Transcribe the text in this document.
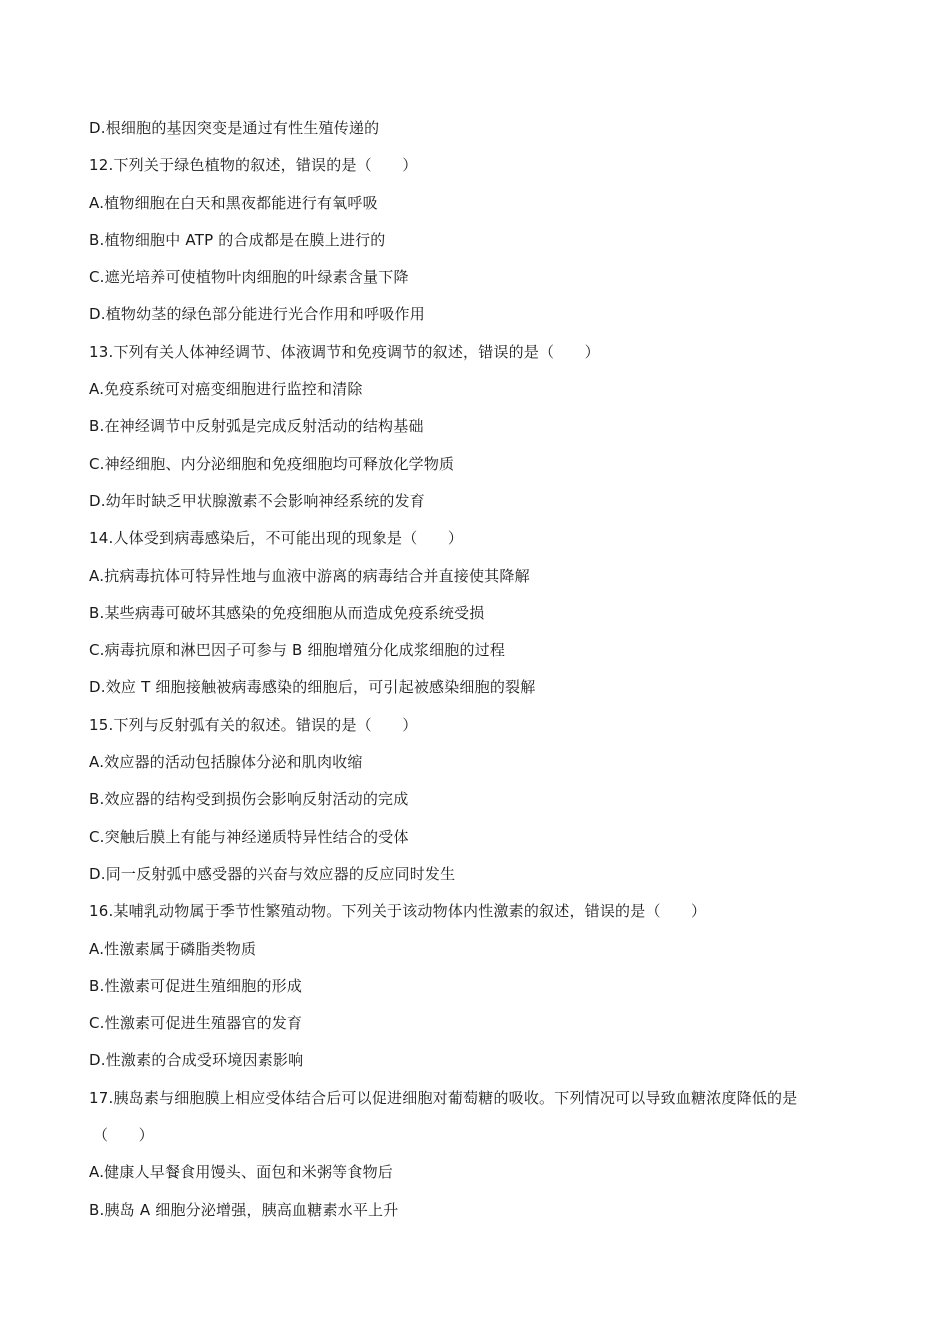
D.根细胞的基因突变是通过有性生殖传递的
12.下列关于绿色植物的叙述，错误的是（　　）
A.植物细胞在白天和黑夜都能进行有氧呼吸
B.植物细胞中 ATP 的合成都是在膜上进行的
C.遮光培养可使植物叶肉细胞的叶绿素含量下降
D.植物幼茎的绿色部分能进行光合作用和呼吸作用
13.下列有关人体神经调节、体液调节和免疫调节的叙述，错误的是（　　）
A.免疫系统可对癌变细胞进行监控和清除
B.在神经调节中反射弧是完成反射活动的结构基础
C.神经细胞、内分泌细胞和免疫细胞均可释放化学物质
D.幼年时缺乏甲状腺激素不会影响神经系统的发育
14.人体受到病毒感染后，不可能出现的现象是（　　）
A.抗病毒抗体可特异性地与血液中游离的病毒结合并直接使其降解
B.某些病毒可破坏其感染的免疫细胞从而造成免疫系统受损
C.病毒抗原和淋巴因子可参与 B 细胞增殖分化成浆细胞的过程
D.效应 T 细胞接触被病毒感染的细胞后，可引起被感染细胞的裂解
15.下列与反射弧有关的叙述。错误的是（　　）
A.效应器的活动包括腺体分泌和肌肉收缩
B.效应器的结构受到损伤会影响反射活动的完成
C.突触后膜上有能与神经递质特异性结合的受体
D.同一反射弧中感受器的兴奋与效应器的反应同时发生
16.某哺乳动物属于季节性繁殖动物。下列关于该动物体内性激素的叙述，错误的是（　　）
A.性激素属于磷脂类物质
B.性激素可促进生殖细胞的形成
C.性激素可促进生殖器官的发育
D.性激素的合成受环境因素影响
17.胰岛素与细胞膜上相应受体结合后可以促进细胞对葡萄糖的吸收。下列情况可以导致血糖浓度降低的是
（　　）
A.健康人早餐食用馒头、面包和米粥等食物后
B.胰岛 A 细胞分泌增强，胰高血糖素水平上升
